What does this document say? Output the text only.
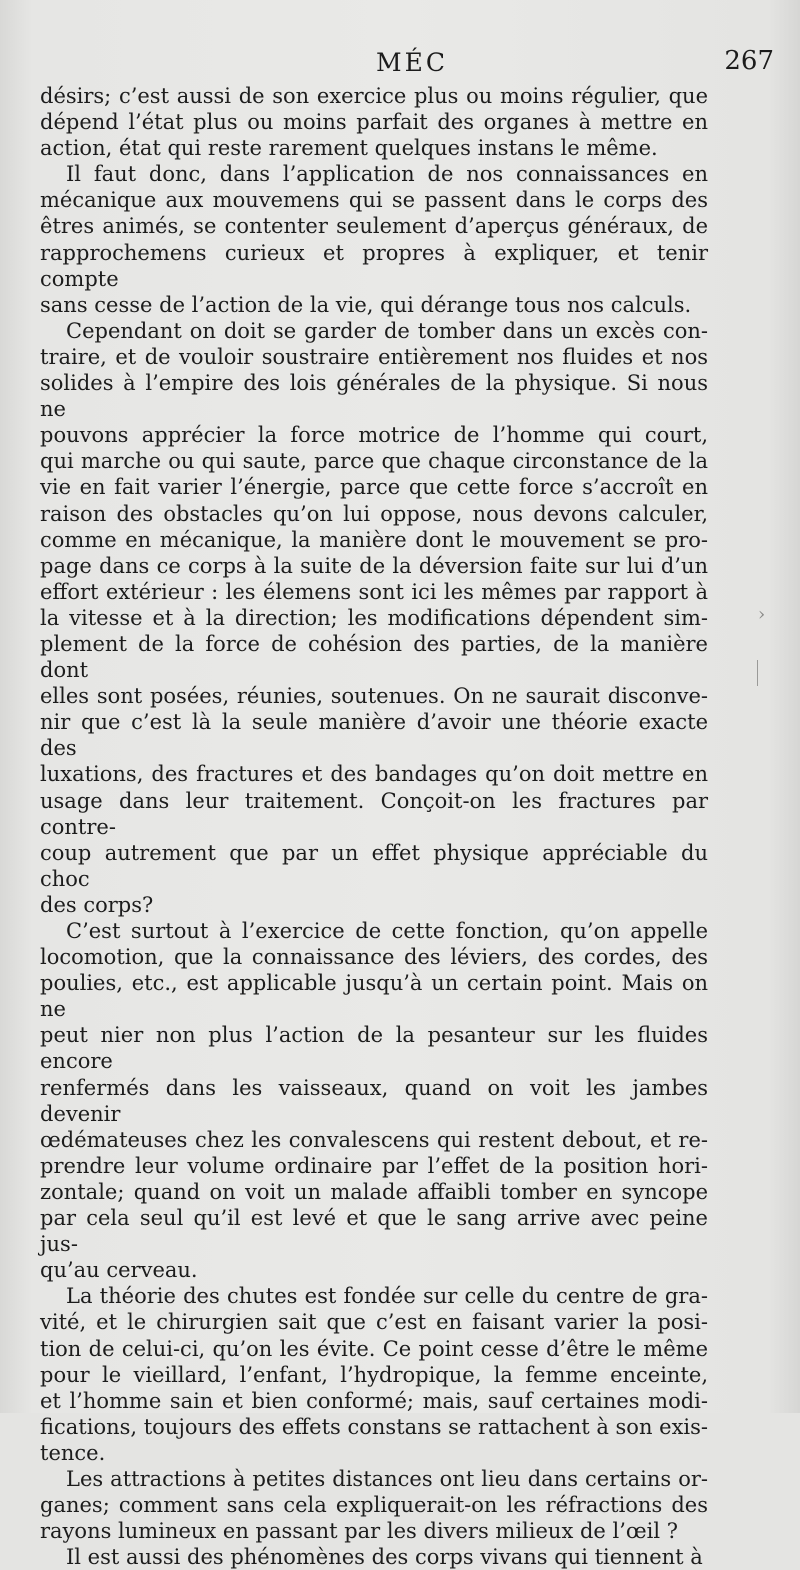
MÉC	267

désirs; c’est aussi de son exercice plus ou moins régulier, que

dépend l’état plus ou moins parfait des organes à mettre en

action, état qui reste rarement quelques instans le même.

Il faut donc, dans l’application de nos connaissances en

mécanique aux mouvemens qui se passent dans le corps des

êtres animés, se contenter seulement d’aperçus généraux, de

rapprochemens curieux et propres à expliquer, et tenir compte

sans cesse de l’action de la vie, qui dérange tous nos calculs.

Cependant on doit se garder de tomber dans un excès con-

traire, et de vouloir soustraire entièrement nos fluides et nos

solides à l’empire des lois générales de la physique. Si nous ne

pouvons apprécier la force motrice de l’homme qui court,

qui marche ou qui saute, parce que chaque circonstance de la

vie en fait varier l’énergie, parce que cette force s’accroît en

raison des obstacles qu’on lui oppose, nous devons calculer,

comme en mécanique, la manière dont le mouvement se pro-

page dans ce corps à la suite de la déversion faite sur lui d’un

effort extérieur : les élemens sont ici les mêmes par rapport à

la vitesse et à la direction; les modifications dépendent sim-

plement de la force de cohésion des parties, de la manière dont

elles sont posées, réunies, soutenues. On ne saurait disconve-

nir que c’est là la seule manière d’avoir une théorie exacte des

luxations, des fractures et des bandages qu’on doit mettre en

usage dans leur traitement. Conçoit-on les fractures par contre-

coup autrement que par un effet physique appréciable du choc

des corps?

C’est surtout à l’exercice de cette fonction, qu’on appelle

locomotion, que la connaissance des léviers, des cordes, des

poulies, etc., est applicable jusqu’à un certain point. Mais on ne

peut nier non plus l’action de la pesanteur sur les fluides encore

renfermés dans les vaisseaux, quand on voit les jambes devenir

œdémateuses chez les convalescens qui restent debout, et re-

prendre leur volume ordinaire par l’effet de la position hori-

zontale; quand on voit un malade affaibli tomber en syncope

par cela seul qu’il est levé et que le sang arrive avec peine jus-

qu’au cerveau.

La théorie des chutes est fondée sur celle du centre de gra-

vité, et le chirurgien sait que c’est en faisant varier la posi-

tion de celui-ci, qu’on les évite. Ce point cesse d’être le même

pour le vieillard, l’enfant, l’hydropique, la femme enceinte,

et l’homme sain et bien conformé; mais, sauf certaines modi-

fications, toujours des effets constans se rattachent à son exis-

tence.

Les attractions à petites distances ont lieu dans certains or-

ganes; comment sans cela expliquerait-on les réfractions des

rayons lumineux en passant par les divers milieux de l’œil ?

Il est aussi des phénomènes des corps vivans qui tiennent à

›
